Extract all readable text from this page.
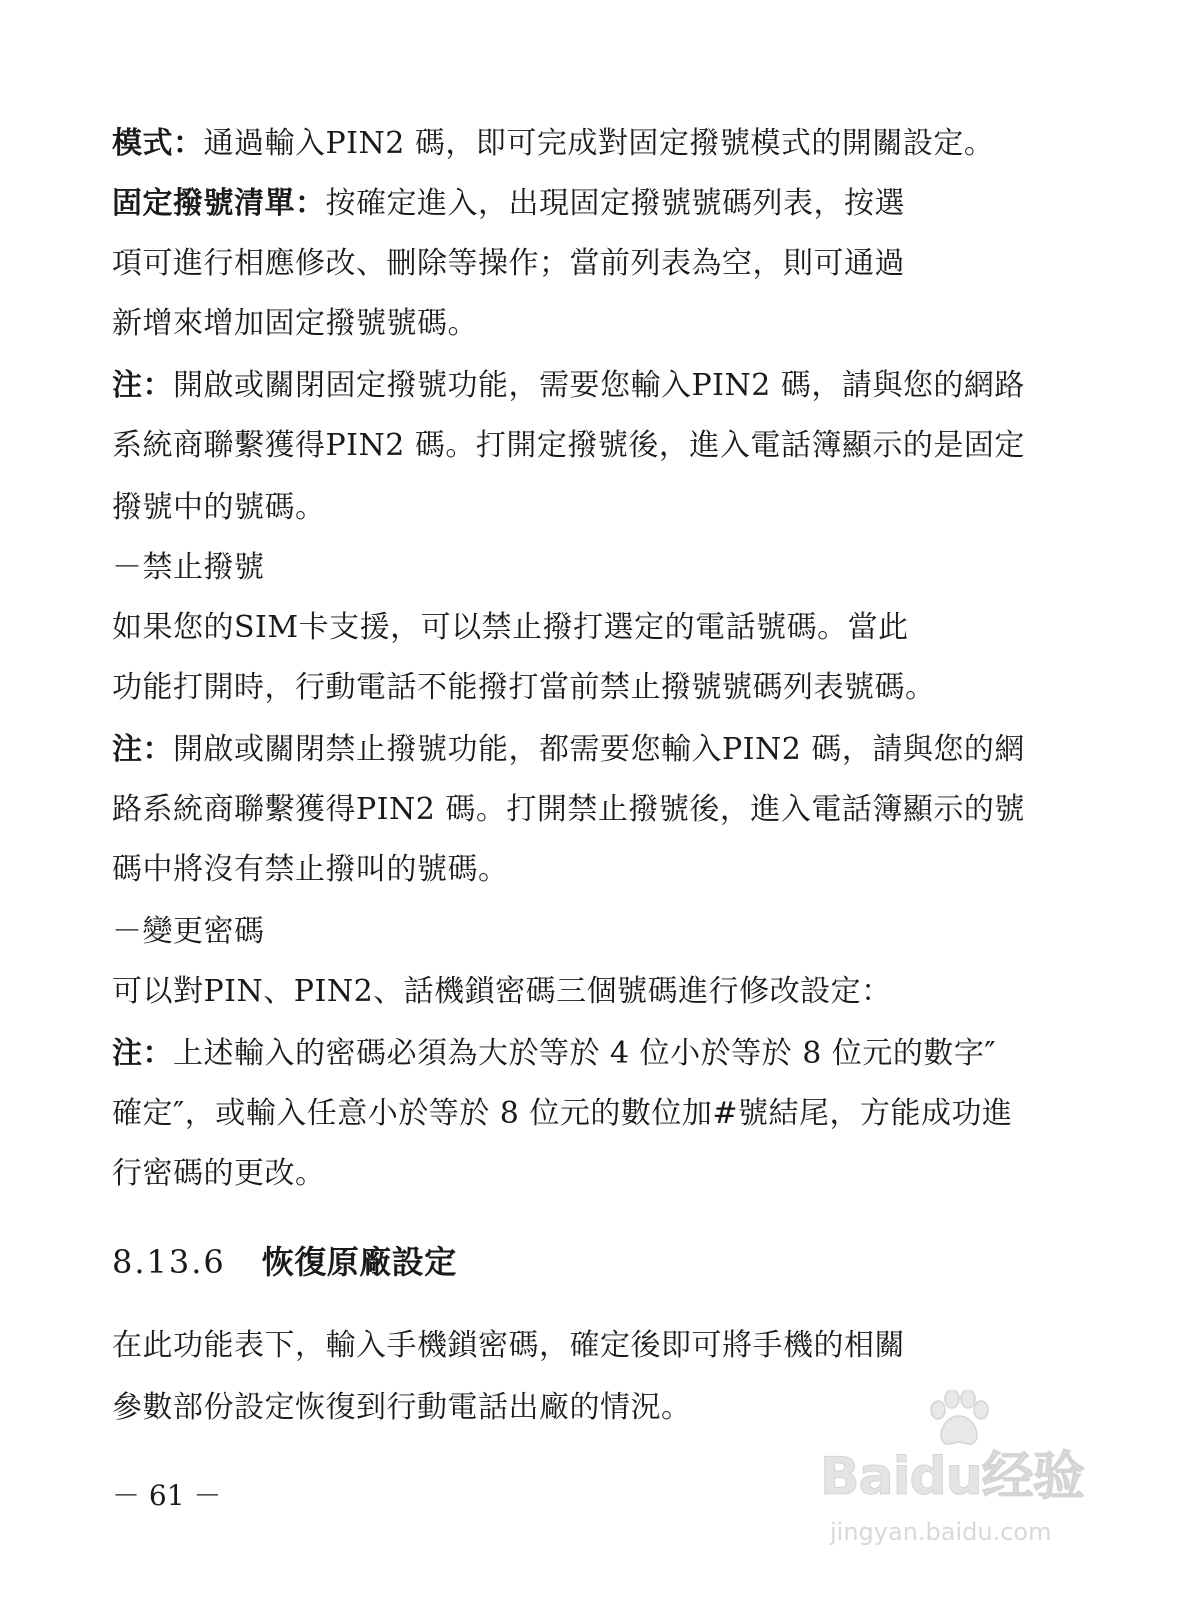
模式：通過輸入PIN2 碼，即可完成對固定撥號模式的開關設定。
固定撥號清單：按確定進入，出現固定撥號號碼列表，按選
項可進行相應修改、刪除等操作；當前列表為空，則可通過
新增來增加固定撥號號碼。
注：開啟或關閉固定撥號功能，需要您輸入PIN2 碼，請與您的網路
系統商聯繫獲得PIN2 碼。打開定撥號後，進入電話簿顯示的是固定
撥號中的號碼。
－禁止撥號
如果您的SIM卡支援，可以禁止撥打選定的電話號碼。當此
功能打開時，行動電話不能撥打當前禁止撥號號碼列表號碼。
注：開啟或關閉禁止撥號功能，都需要您輸入PIN2 碼，請與您的網
路系統商聯繫獲得PIN2 碼。打開禁止撥號後，進入電話簿顯示的號
碼中將沒有禁止撥叫的號碼。
－變更密碼
可以對PIN、PIN2、話機鎖密碼三個號碼進行修改設定：
注：上述輸入的密碼必須為大於等於 4 位小於等於 8 位元的數字″
確定″，或輸入任意小於等於 8 位元的數位加#號結尾，方能成功進
行密碼的更改。
8.13.6 恢復原廠設定
在此功能表下，輸入手機鎖密碼，確定後即可將手機的相關
參數部份設定恢復到行動電話出廠的情況。
－ 61 －	Baidu经验
jingyan.baidu.com
